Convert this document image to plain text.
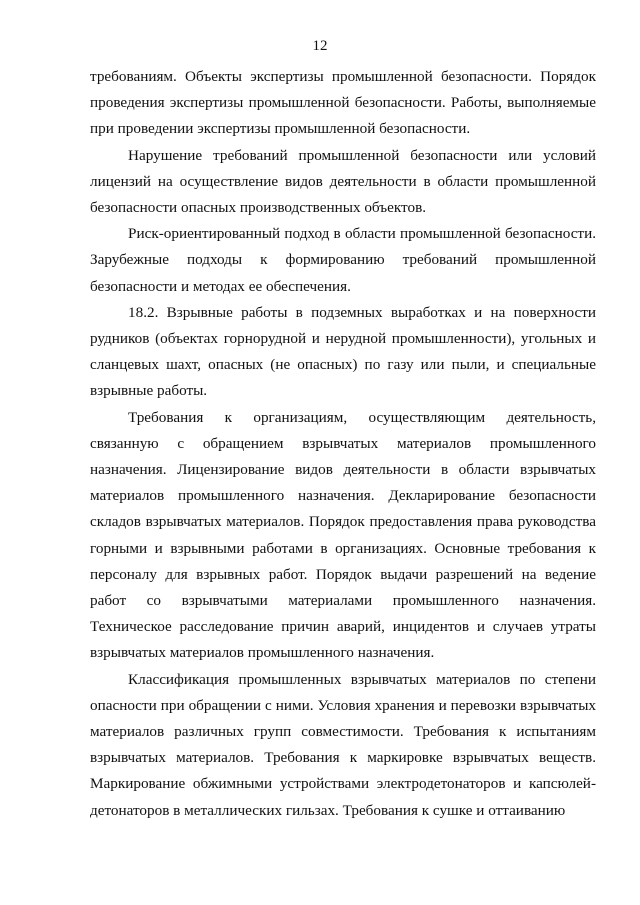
12

требованиям. Объекты экспертизы промышленной безопасности. Порядок проведения экспертизы промышленной безопасности. Работы, выполняемые при проведении экспертизы промышленной безопасности.

Нарушение требований промышленной безопасности или условий лицензий на осуществление видов деятельности в области промышленной безопасности опасных производственных объектов.

Риск-ориентированный подход в области промышленной безопасности. Зарубежные подходы к формированию требований промышленной безопасности и методах ее обеспечения.

18.2. Взрывные работы в подземных выработках и на поверхности рудников (объектах горнорудной и нерудной промышленности), угольных и сланцевых шахт, опасных (не опасных) по газу или пыли, и специальные взрывные работы.

Требования к организациям, осуществляющим деятельность, связанную с обращением взрывчатых материалов промышленного назначения. Лицензирование видов деятельности в области взрывчатых материалов промышленного назначения. Декларирование безопасности складов взрывчатых материалов. Порядок предоставления права руководства горными и взрывными работами в организациях. Основные требования к персоналу для взрывных работ. Порядок выдачи разрешений на ведение работ со взрывчатыми материалами промышленного назначения. Техническое расследование причин аварий, инцидентов и случаев утраты взрывчатых материалов промышленного назначения.

Классификация промышленных взрывчатых материалов по степени опасности при обращении с ними. Условия хранения и перевозки взрывчатых материалов различных групп совместимости. Требования к испытаниям взрывчатых материалов. Требования к маркировке взрывчатых веществ. Маркирование обжимными устройствами электродетонаторов и капсюлей-детонаторов в металлических гильзах. Требования к сушке и оттаиванию
